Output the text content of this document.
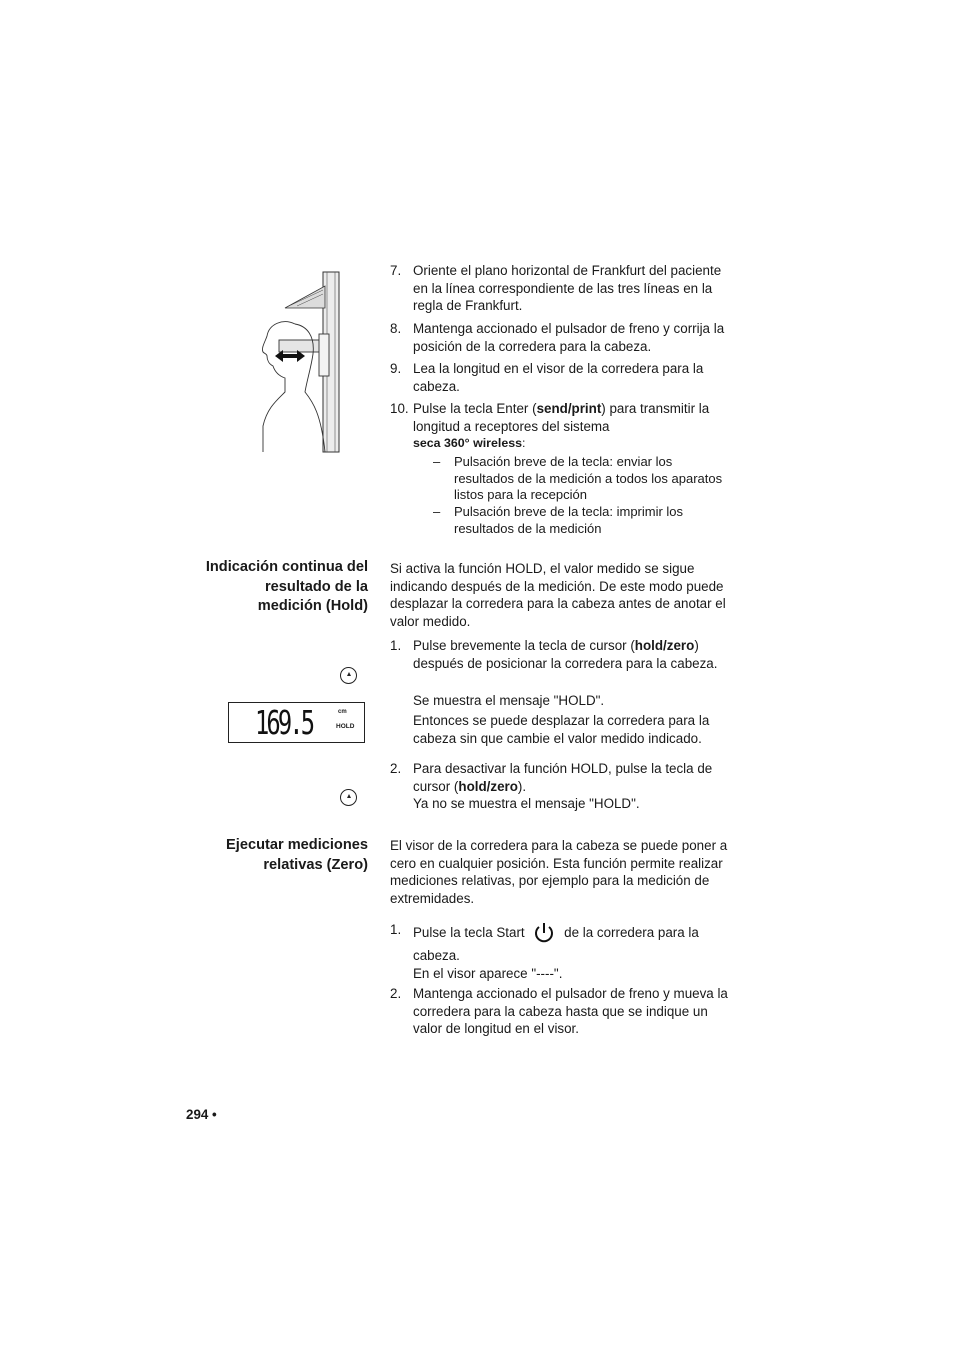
7. Oriente el plano horizontal de Frankfurt del paciente en la línea correspondiente de las tres líneas en la regla de Frankfurt.
8. Mantenga accionado el pulsador de freno y corrija la posición de la corredera para la cabeza.
9. Lea la longitud en el visor de la corredera para la cabeza.
10. Pulse la tecla Enter (send/print) para transmitir la longitud a receptores del sistema
seca 360° wireless:
– Pulsación breve de la tecla: enviar los resultados de la medición a todos los aparatos listos para la recepción
– Pulsación breve de la tecla: imprimir los resultados de la medición
Indicación continua del
resultado de la
medición (Hold)
Si activa la función HOLD, el valor medido se sigue indicando después de la medición. De este modo puede desplazar la corredera para la cabeza antes de anotar el valor medido.
1. Pulse brevemente la tecla de cursor (hold/zero) después de posicionar la corredera para la cabeza.
Se muestra el mensaje "HOLD".
Entonces se puede desplazar la corredera para la cabeza sin que cambie el valor medido indicado.
2. Para desactivar la función HOLD, pulse la tecla de cursor (hold/zero).
Ya no se muestra el mensaje "HOLD".
169.5	cm
HOLD
Ejecutar mediciones
relativas (Zero)
El visor de la corredera para la cabeza se puede poner a cero en cualquier posición. Esta función permite realizar mediciones relativas, por ejemplo para la medición de extremidades.
1. Pulse la tecla Start	de la corredera para la
cabeza.
En el visor aparece "----".
2. Mantenga accionado el pulsador de freno y mueva la corredera para la cabeza hasta que se indique un valor de longitud en el visor.
294 •
